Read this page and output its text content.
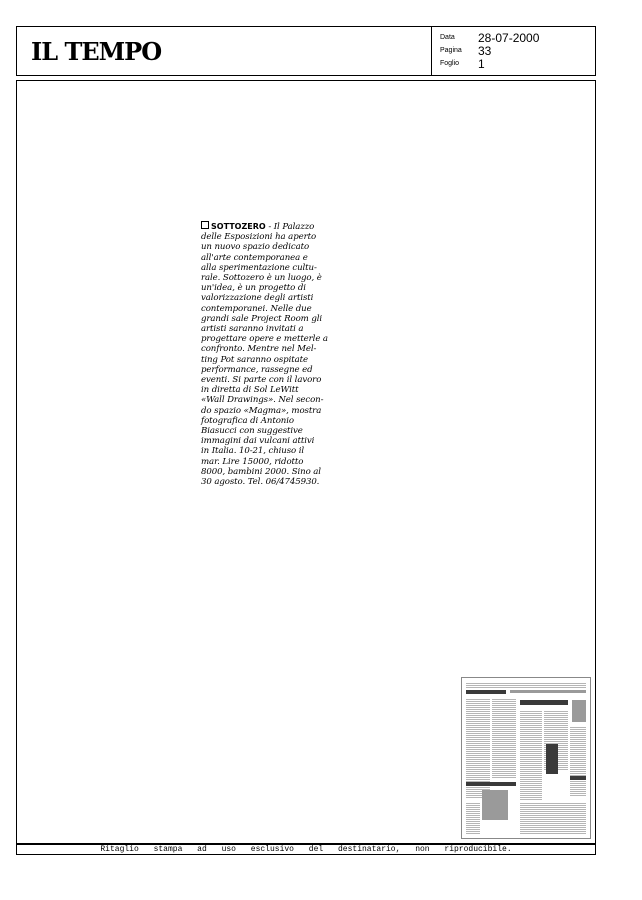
IL TEMPO	Data 28-07-2000
Pagina 33
Foglio 1

SOTTOZERO - Il Palazzo
delle Esposizioni ha aperto
un nuovo spazio dedicato
all'arte contemporanea e
alla sperimentazione cultu-
rale. Sottozero è un luogo, è
un'idea, è un progetto di
valorizzazione degli artisti
contemporanei. Nelle due
grandi sale Project Room gli
artisti saranno invitati a
progettare opere e metterle a
confronto. Mentre nel Mel-
ting Pot saranno ospitate
performance, rassegne ed
eventi. Si parte con il lavoro
in diretta di Sol LeWitt
«Wall Drawings». Nel secon-
do spazio «Magma», mostra
fotografica di Antonio
Biasucci con suggestive
immagini dai vulcani attivi
in Italia. 10-21, chiuso il
mar. Lire 15000, ridotto
8000, bambini 2000. Sino al
30 agosto. Tel. 06/4745930.

Ritaglio stampa ad uso esclusivo del destinatario, non riproducibile.
